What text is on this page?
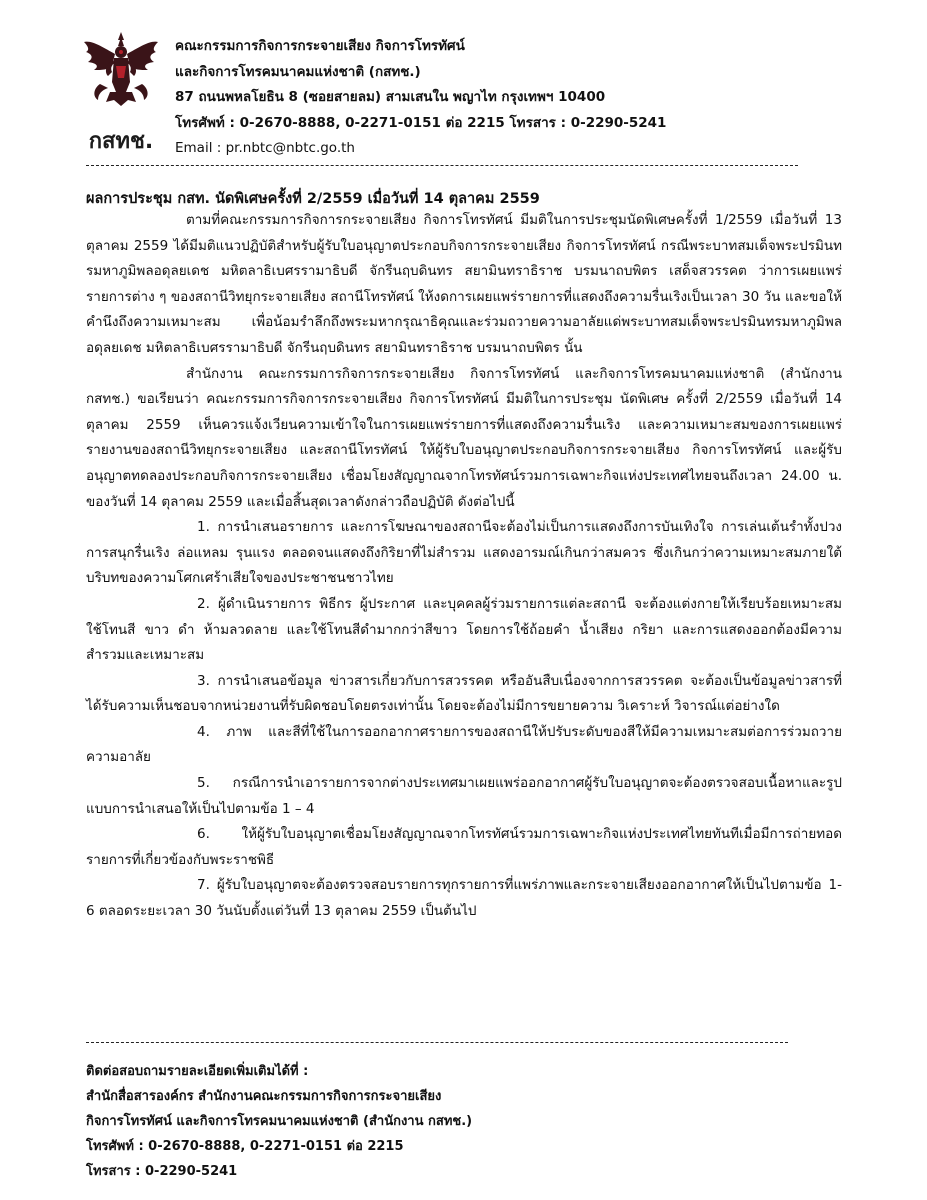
กสทช.
คณะกรรมการกิจการกระจายเสียง กิจการโทรทัศน์
และกิจการโทรคมนาคมแห่งชาติ (กสทช.)
87 ถนนพหลโยธิน 8 (ซอยสายลม) สามเสนใน พญาไท กรุงเทพฯ 10400
โทรศัพท์ : 0-2670-8888, 0-2271-0151 ต่อ 2215 โทรสาร : 0-2290-5241
Email : pr.nbtc@nbtc.go.th
ผลการประชุม กสท. นัดพิเศษครั้งที่ 2/2559 เมื่อวันที่ 14 ตุลาคม 2559

ตามที่คณะกรรมการกิจการกระจายเสียง กิจการโทรทัศน์ มีมติในการประชุมนัดพิเศษครั้งที่ 1/2559 เมื่อวันที่ 13 ตุลาคม 2559 ได้มีมติแนวปฏิบัติสำหรับผู้รับใบอนุญาตประกอบกิจการกระจายเสียง กิจการโทรทัศน์ กรณีพระบาทสมเด็จพระปรมินทรมหาภูมิพลอดุลยเดช มหิตลาธิเบศรรามาธิบดี จักรีนฤบดินทร สยามินทราธิราช บรมนาถบพิตร เสด็จสวรรคต ว่าการเผยแพร่รายการต่าง ๆ ของสถานีวิทยุกระจายเสียง สถานีโทรทัศน์ ให้งดการเผยแพร่รายการที่แสดงถึงความรื่นเริงเป็นเวลา 30 วัน และขอให้คำนึงถึงความเหมาะสม เพื่อน้อมรำลึกถึงพระมหากรุณาธิคุณและร่วมถวายความอาลัยแด่พระบาทสมเด็จพระปรมินทรมหาภูมิพลอดุลยเดช มหิตลาธิเบศรรามาธิบดี จักรีนฤบดินทร สยามินทราธิราช บรมนาถบพิตร นั้น

สำนักงาน คณะกรรมการกิจการกระจายเสียง กิจการโทรทัศน์ และกิจการโทรคมนาคมแห่งชาติ (สำนักงาน กสทช.) ขอเรียนว่า คณะกรรมการกิจการกระจายเสียง กิจการโทรทัศน์ มีมติในการประชุม นัดพิเศษ ครั้งที่ 2/2559 เมื่อวันที่ 14 ตุลาคม 2559 เห็นควรแจ้งเวียนความเข้าใจในการเผยแพร่รายการที่แสดงถึงความรื่นเริง และความเหมาะสมของการเผยแพร่รายงานของสถานีวิทยุกระจายเสียง และสถานีโทรทัศน์ ให้ผู้รับใบอนุญาตประกอบกิจการกระจายเสียง กิจการโทรทัศน์ และผู้รับอนุญาตทดลองประกอบกิจการกระจายเสียง เชื่อมโยงสัญญาณจากโทรทัศน์รวมการเฉพาะกิจแห่งประเทศไทยจนถึงเวลา 24.00 น. ของวันที่ 14 ตุลาคม 2559 และเมื่อสิ้นสุดเวลาดังกล่าวถือปฏิบัติ ดังต่อไปนี้

1. การนำเสนอรายการ และการโฆษณาของสถานีจะต้องไม่เป็นการแสดงถึงการบันเทิงใจ การเล่นเต้นรำทั้งปวง การสนุกรื่นเริง ล่อแหลม รุนแรง ตลอดจนแสดงถึงกิริยาที่ไม่สำรวม แสดงอารมณ์เกินกว่าสมควร ซึ่งเกินกว่าความเหมาะสมภายใต้บริบทของความโศกเศร้าเสียใจของประชาชนชาวไทย

2. ผู้ดำเนินรายการ พิธีกร ผู้ประกาศ และบุคคลผู้ร่วมรายการแต่ละสถานี จะต้องแต่งกายให้เรียบร้อยเหมาะสม ใช้โทนสี ขาว ดำ ห้ามลวดลาย และใช้โทนสีดำมากกว่าสีขาว โดยการใช้ถ้อยคำ น้ำเสียง กริยา และการแสดงออกต้องมีความสำรวมและเหมาะสม

3. การนำเสนอข้อมูล ข่าวสารเกี่ยวกับการสวรรคต หรืออันสืบเนื่องจากการสวรรคต จะต้องเป็นข้อมูลข่าวสารที่ได้รับความเห็นชอบจากหน่วยงานที่รับผิดชอบโดยตรงเท่านั้น โดยจะต้องไม่มีการขยายความ วิเคราะห์ วิจารณ์แต่อย่างใด

4. ภาพ และสีที่ใช้ในการออกอากาศรายการของสถานีให้ปรับระดับของสีให้มีความเหมาะสมต่อการร่วมถวายความอาลัย

5. กรณีการนำเอารายการจากต่างประเทศมาเผยแพร่ออกอากาศผู้รับใบอนุญาตจะต้องตรวจสอบเนื้อหาและรูปแบบการนำเสนอให้เป็นไปตามข้อ 1 – 4

6. ให้ผู้รับใบอนุญาตเชื่อมโยงสัญญาณจากโทรทัศน์รวมการเฉพาะกิจแห่งประเทศไทยทันทีเมื่อมีการถ่ายทอดรายการที่เกี่ยวข้องกับพระราชพิธี

7. ผู้รับใบอนุญาตจะต้องตรวจสอบรายการทุกรายการที่แพร่ภาพและกระจายเสียงออกอากาศให้เป็นไปตามข้อ 1-6 ตลอดระยะเวลา 30 วันนับตั้งแต่วันที่ 13 ตุลาคม 2559 เป็นต้นไป

ติดต่อสอบถามรายละเอียดเพิ่มเติมได้ที่ :
สำนักสื่อสารองค์กร สำนักงานคณะกรรมการกิจการกระจายเสียง
กิจการโทรทัศน์ และกิจการโทรคมนาคมแห่งชาติ (สำนักงาน กสทช.)
โทรศัพท์ : 0-2670-8888, 0-2271-0151 ต่อ 2215
โทรสาร : 0-2290-5241
